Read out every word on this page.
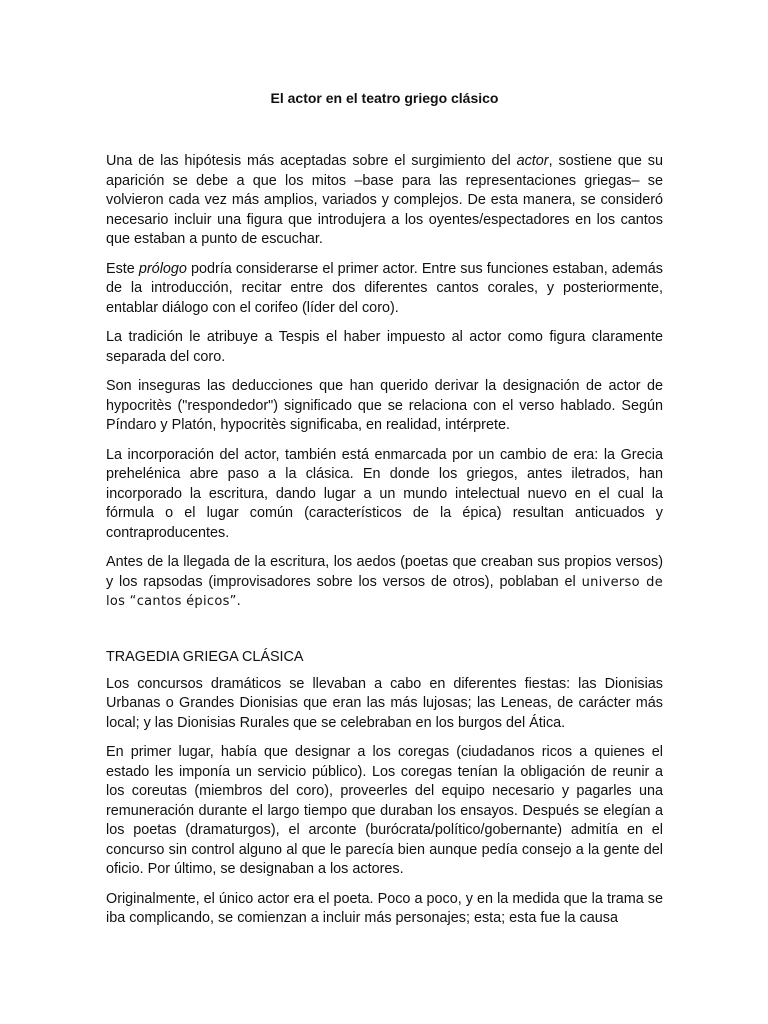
El actor en el teatro griego clásico

Una de las hipótesis más aceptadas sobre el surgimiento del actor, sostiene que su aparición se debe a que los mitos –base para las representaciones griegas– se volvieron cada vez más amplios, variados y complejos. De esta manera, se consideró necesario incluir una figura que introdujera a los oyentes/espectadores en los cantos que estaban a punto de escuchar.

Este prólogo podría considerarse el primer actor. Entre sus funciones estaban, además de la introducción, recitar entre dos diferentes cantos corales, y posteriormente, entablar diálogo con el corifeo (líder del coro).

La tradición le atribuye a Tespis el haber impuesto al actor como figura claramente separada del coro.

Son inseguras las deducciones que han querido derivar la designación de actor de hypocritès ("respondedor") significado que se relaciona con el verso hablado. Según Píndaro y Platón, hypocritès significaba, en realidad, intérprete.

La incorporación del actor, también está enmarcada por un cambio de era: la Grecia prehelénica abre paso a la clásica. En donde los griegos, antes iletrados, han incorporado la escritura, dando lugar a un mundo intelectual nuevo en el cual la fórmula o el lugar común (característicos de la épica) resultan anticuados y contraproducentes.

Antes de la llegada de la escritura, los aedos (poetas que creaban sus propios versos) y los rapsodas (improvisadores sobre los versos de otros), poblaban el universo de los “cantos épicos”.

TRAGEDIA GRIEGA CLÁSICA

Los concursos dramáticos se llevaban a cabo en diferentes fiestas: las Dionisias Urbanas o Grandes Dionisias que eran las más lujosas; las Leneas, de carácter más local; y las Dionisias Rurales que se celebraban en los burgos del Ática.

En primer lugar, había que designar a los coregas (ciudadanos ricos a quienes el estado les imponía un servicio público). Los coregas tenían la obligación de reunir a los coreutas (miembros del coro), proveerles del equipo necesario y pagarles una remuneración durante el largo tiempo que duraban los ensayos. Después se elegían a los poetas (dramaturgos), el arconte (burócrata/político/gobernante) admitía en el concurso sin control alguno al que le parecía bien aunque pedía consejo a la gente del oficio. Por último, se designaban a los actores.

Originalmente, el único actor era el poeta. Poco a poco, y en la medida que la trama se iba complicando, se comienzan a incluir más personajes; esta; esta fue la causa
